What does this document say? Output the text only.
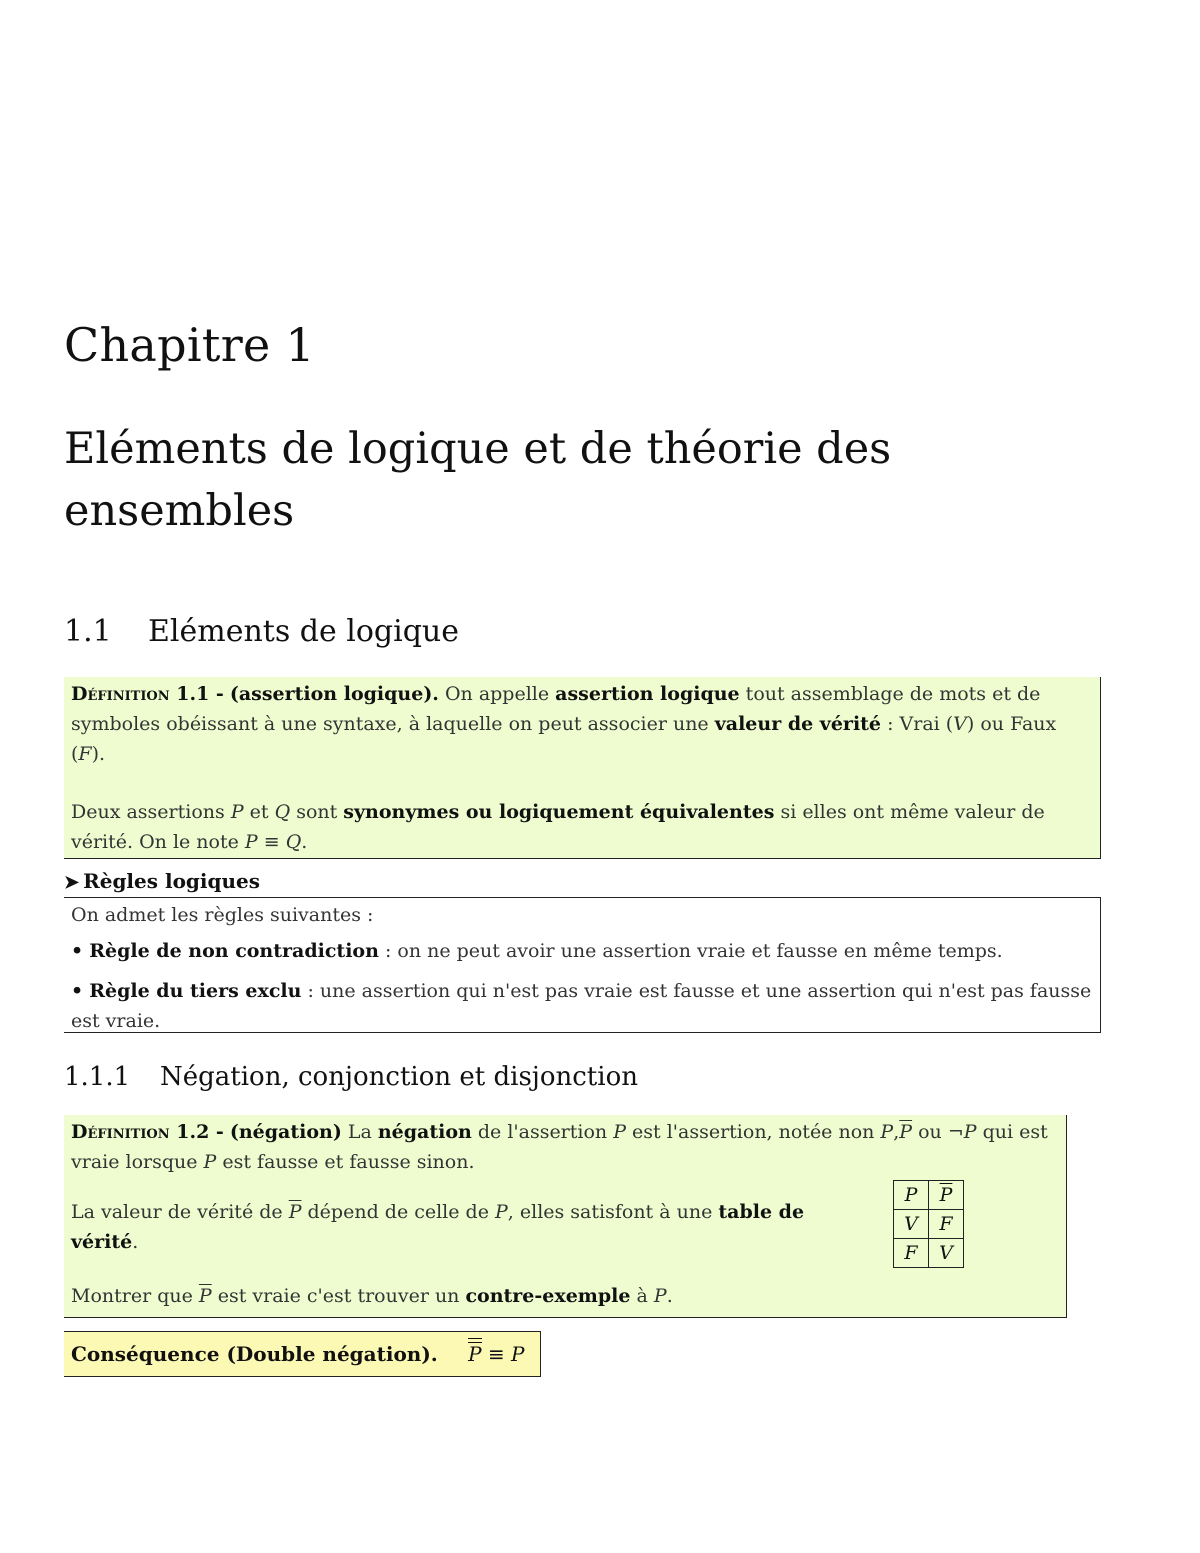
Chapitre 1
Eléments de logique et de théorie des ensembles
1.1 Eléments de logique

Définition 1.1 - (assertion logique). On appelle assertion logique tout assemblage de mots et de symboles obéissant à une syntaxe, à laquelle on peut associer une valeur de vérité : Vrai (V) ou Faux (F).

Deux assertions P et Q sont synonymes ou logiquement équivalentes si elles ont même valeur de vérité. On le note P ≡ Q.

➤ Règles logiques

On admet les règles suivantes :

• Règle de non contradiction : on ne peut avoir une assertion vraie et fausse en même temps.

• Règle du tiers exclu : une assertion qui n'est pas vraie est fausse et une assertion qui n'est pas fausse est vraie.

1.1.1 Négation, conjonction et disjonction

Définition 1.2 - (négation) La négation de l'assertion P est l'assertion, notée non $P,\overline{P}$ ou ¬P qui est vraie lorsque P est fausse et fausse sinon.

La valeur de vérité de $\overline{P}$ dépend de celle de P, elles satisfont à une table de vérité.

Montrer que $\overline{P}$ est vraie c'est trouver un contre-exemple à P.

P	$\overline{P}$
V	F
F	V
Conséquence (Double négation). P ≡ P
